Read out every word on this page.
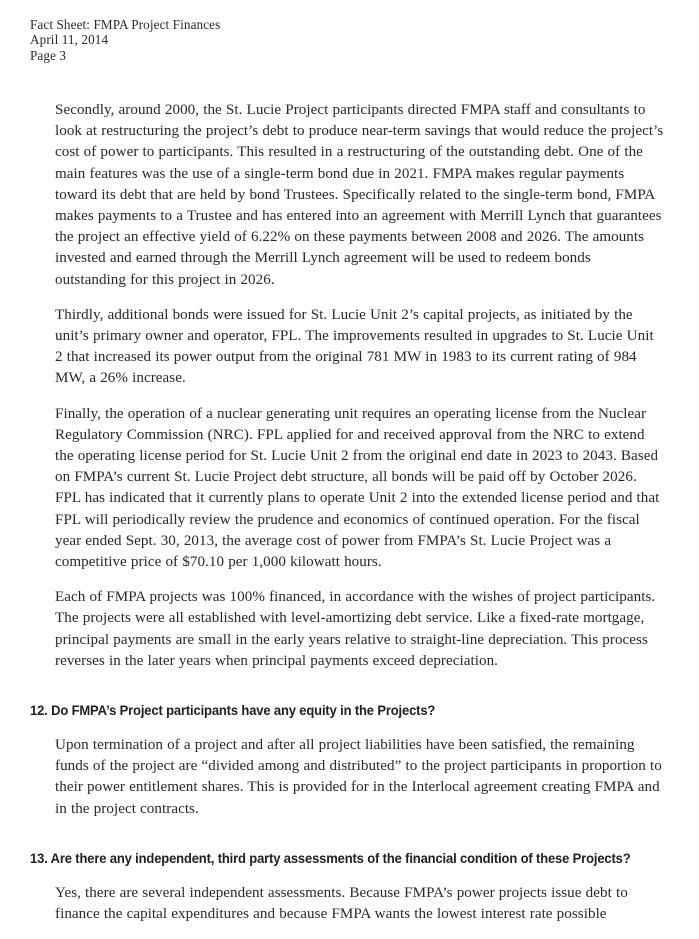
Fact Sheet: FMPA Project Finances
April 11, 2014
Page 3

Secondly, around 2000, the St. Lucie Project participants directed FMPA staff and consultants to look at restructuring the project’s debt to produce near-term savings that would reduce the project’s cost of power to participants. This resulted in a restructuring of the outstanding debt. One of the main features was the use of a single-term bond due in 2021. FMPA makes regular payments toward its debt that are held by bond Trustees. Specifically related to the single-term bond, FMPA makes payments to a Trustee and has entered into an agreement with Merrill Lynch that guarantees the project an effective yield of 6.22% on these payments between 2008 and 2026. The amounts invested and earned through the Merrill Lynch agreement will be used to redeem bonds outstanding for this project in 2026.

Thirdly, additional bonds were issued for St. Lucie Unit 2’s capital projects, as initiated by the unit’s primary owner and operator, FPL. The improvements resulted in upgrades to St. Lucie Unit 2 that increased its power output from the original 781 MW in 1983 to its current rating of 984 MW, a 26% increase.

Finally, the operation of a nuclear generating unit requires an operating license from the Nuclear Regulatory Commission (NRC). FPL applied for and received approval from the NRC to extend the operating license period for St. Lucie Unit 2 from the original end date in 2023 to 2043. Based on FMPA’s current St. Lucie Project debt structure, all bonds will be paid off by October 2026. FPL has indicated that it currently plans to operate Unit 2 into the extended license period and that FPL will periodically review the prudence and economics of continued operation. For the fiscal year ended Sept. 30, 2013, the average cost of power from FMPA’s St. Lucie Project was a competitive price of $70.10 per 1,000 kilowatt hours.

Each of FMPA projects was 100% financed, in accordance with the wishes of project participants. The projects were all established with level-amortizing debt service. Like a fixed-rate mortgage, principal payments are small in the early years relative to straight-line depreciation. This process reverses in the later years when principal payments exceed depreciation.

12. Do FMPA’s Project participants have any equity in the Projects?

Upon termination of a project and after all project liabilities have been satisfied, the remaining funds of the project are “divided among and distributed” to the project participants in proportion to their power entitlement shares. This is provided for in the Interlocal agreement creating FMPA and in the project contracts.

13. Are there any independent, third party assessments of the financial condition of these Projects?

Yes, there are several independent assessments. Because FMPA’s power projects issue debt to finance the capital expenditures and because FMPA wants the lowest interest rate possible
